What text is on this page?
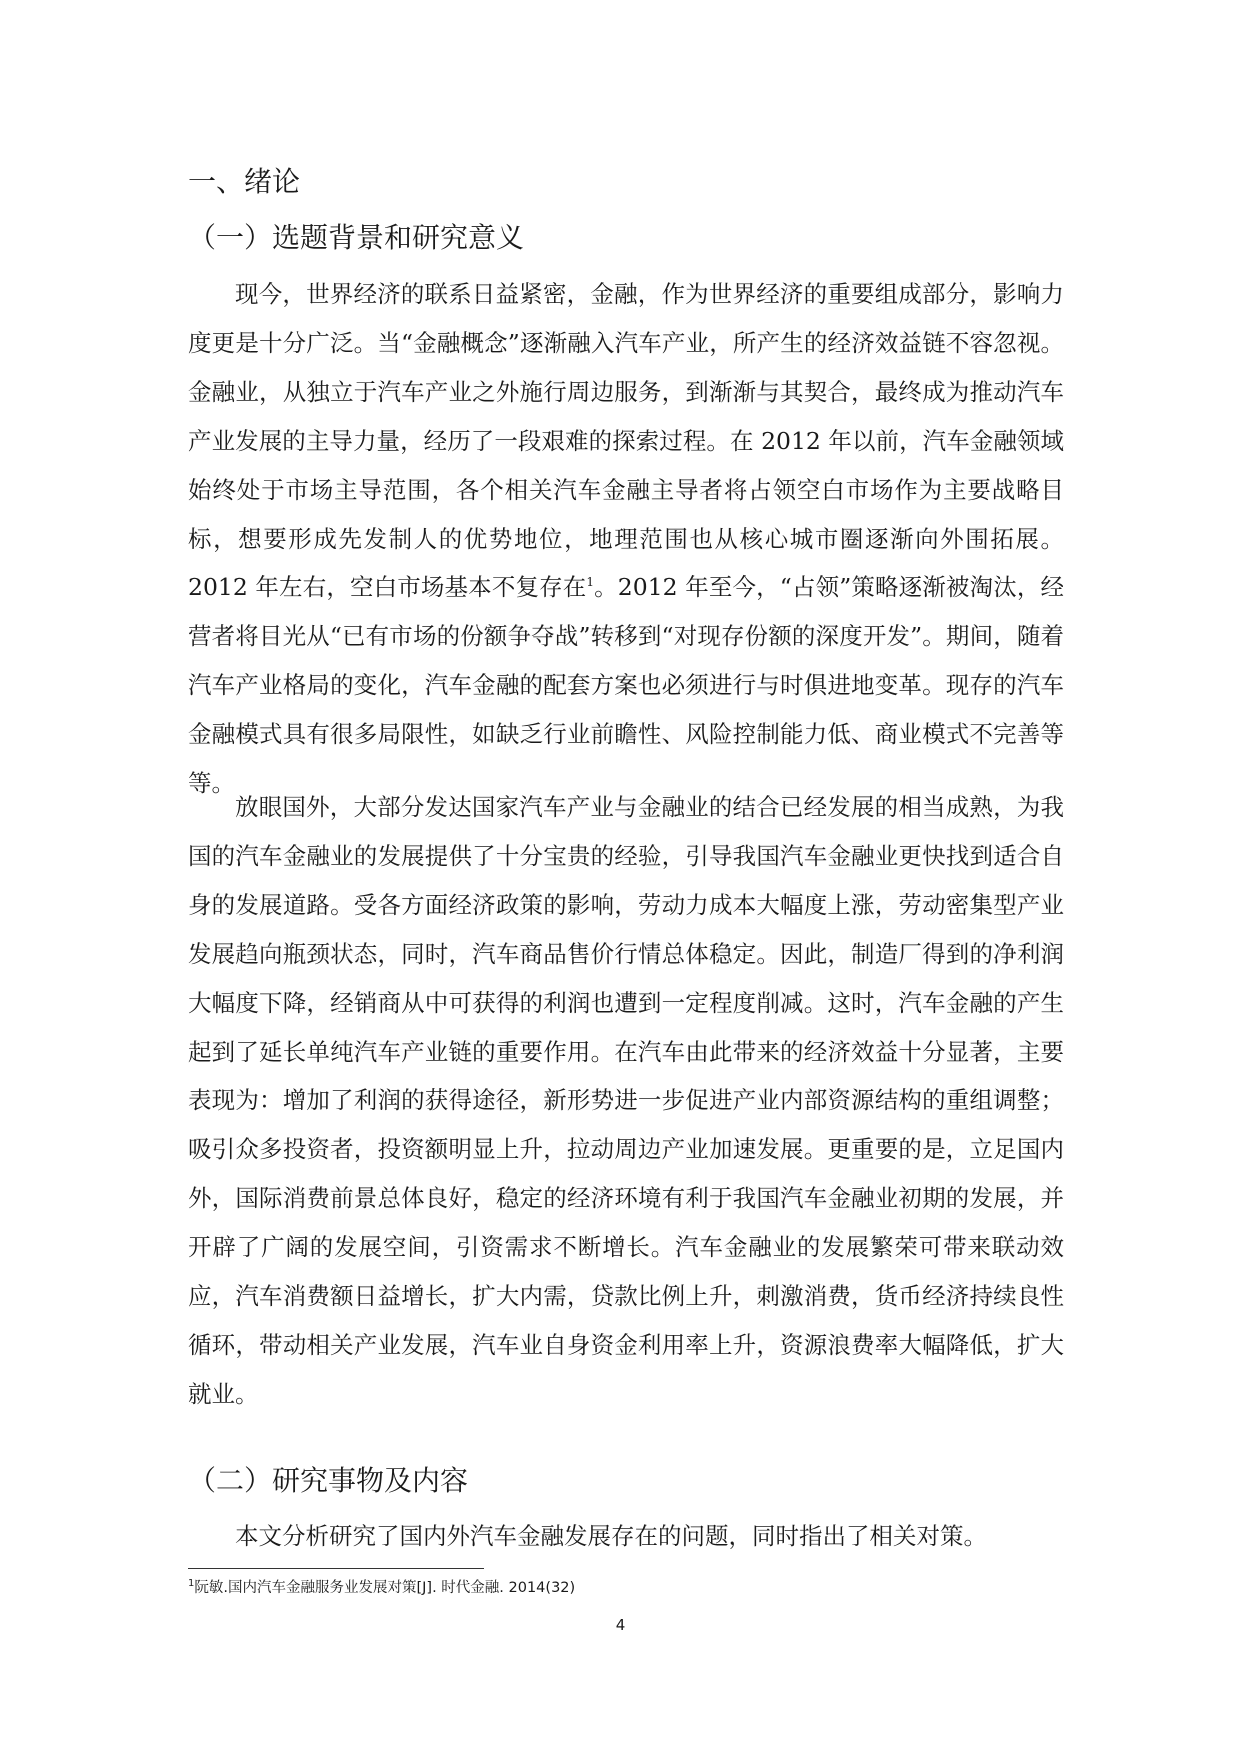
一、绪论
（一）选题背景和研究意义

现今，世界经济的联系日益紧密，金融，作为世界经济的重要组成部分，影响力度更是十分广泛。当“金融概念”逐渐融入汽车产业，所产生的经济效益链不容忽视。金融业，从独立于汽车产业之外施行周边服务，到渐渐与其契合，最终成为推动汽车产业发展的主导力量，经历了一段艰难的探索过程。在 2012 年以前，汽车金融领域始终处于市场主导范围，各个相关汽车金融主导者将占领空白市场作为主要战略目标，想要形成先发制人的优势地位，地理范围也从核心城市圈逐渐向外围拓展。2012 年左右，空白市场基本不复存在$^1$。2012 年至今，“占领”策略逐渐被淘汰，经营者将目光从“已有市场的份额争夺战”转移到“对现存份额的深度开发”。期间，随着汽车产业格局的变化，汽车金融的配套方案也必须进行与时俱进地变革。现存的汽车金融模式具有很多局限性，如缺乏行业前瞻性、风险控制能力低、商业模式不完善等等。

放眼国外，大部分发达国家汽车产业与金融业的结合已经发展的相当成熟，为我国的汽车金融业的发展提供了十分宝贵的经验，引导我国汽车金融业更快找到适合自身的发展道路。受各方面经济政策的影响，劳动力成本大幅度上涨，劳动密集型产业发展趋向瓶颈状态，同时，汽车商品售价行情总体稳定。因此，制造厂得到的净利润大幅度下降，经销商从中可获得的利润也遭到一定程度削减。这时，汽车金融的产生起到了延长单纯汽车产业链的重要作用。在汽车由此带来的经济效益十分显著，主要表现为：增加了利润的获得途径，新形势进一步促进产业内部资源结构的重组调整；吸引众多投资者，投资额明显上升，拉动周边产业加速发展。更重要的是，立足国内外，国际消费前景总体良好，稳定的经济环境有利于我国汽车金融业初期的发展，并开辟了广阔的发展空间，引资需求不断增长。汽车金融业的发展繁荣可带来联动效应，汽车消费额日益增长，扩大内需，贷款比例上升，刺激消费，货币经济持续良性循环，带动相关产业发展，汽车业自身资金利用率上升，资源浪费率大幅降低，扩大就业。

（二）研究事物及内容

本文分析研究了国内外汽车金融发展存在的问题，同时指出了相关对策。

$^1$阮敏.国内汽车金融服务业发展对策[J]. 时代金融. 2014(32)
4
